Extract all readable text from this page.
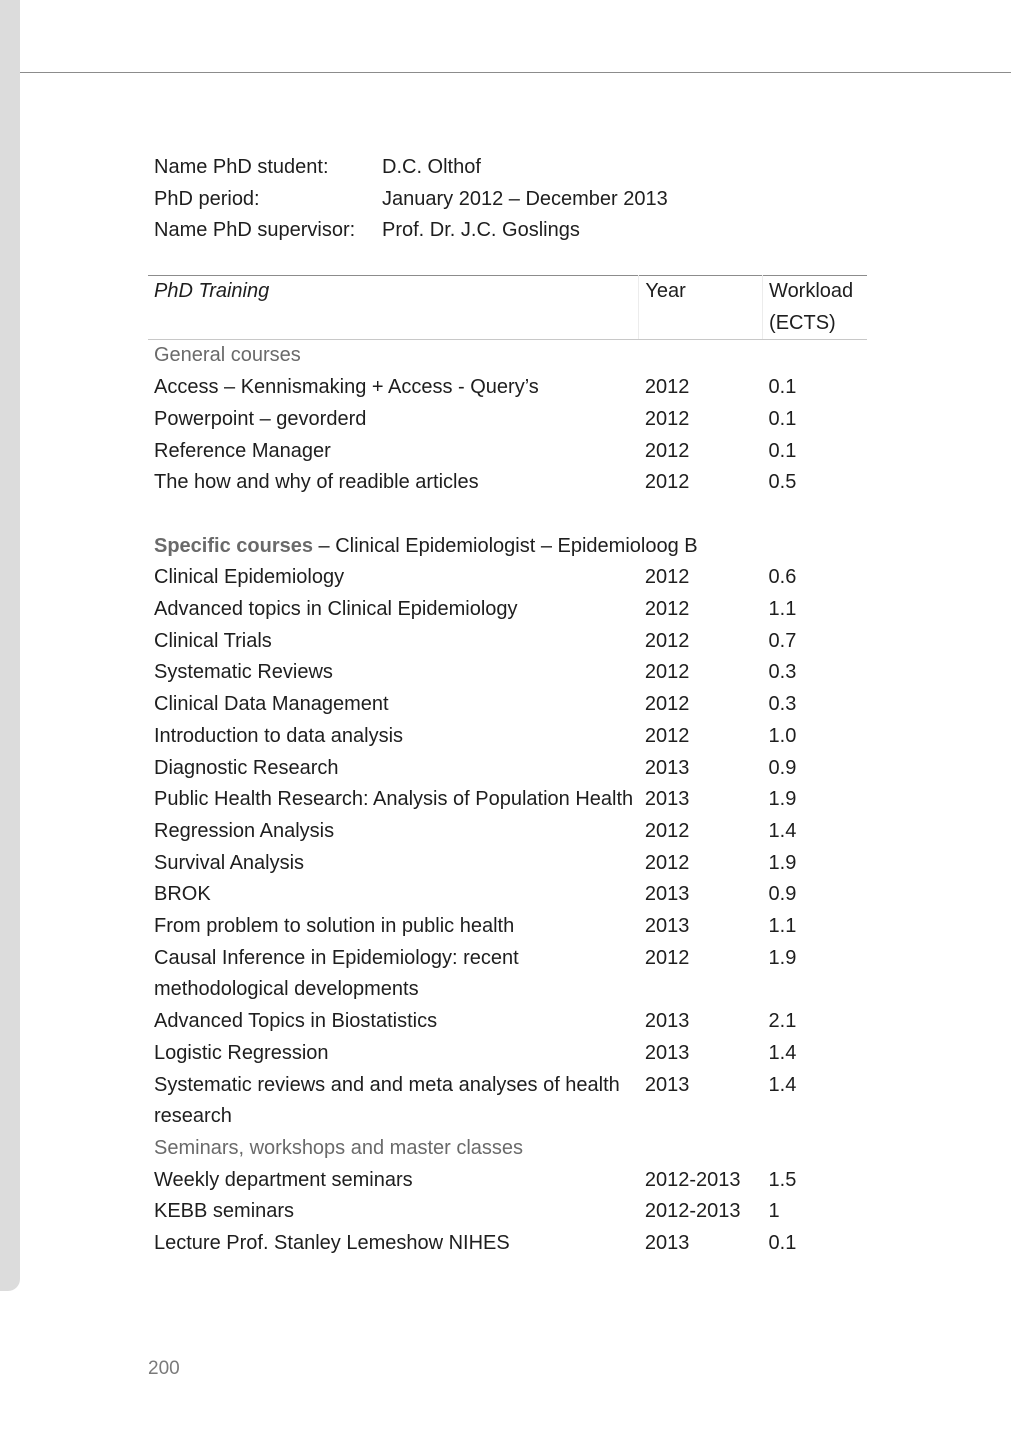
Name PhD student:	D.C. Olthof
PhD period:	January 2012 – December 2013
Name PhD supervisor:	Prof. Dr. J.C. Goslings
PhD Training	Year	Workload
(ECTS)
General courses		
Access – Kennismaking + Access - Query’s	2012	0.1
Powerpoint – gevorderd	2012	0.1
Reference Manager	2012	0.1
The how and why of readible articles	2012	0.5

Specific courses – Clinical Epidemiologist – Epidemioloog B		
Clinical Epidemiology	2012	0.6
Advanced topics in Clinical Epidemiology	2012	1.1
Clinical Trials	2012	0.7
Systematic Reviews	2012	0.3
Clinical Data Management	2012	0.3
Introduction to data analysis	2012	1.0
Diagnostic Research	2013	0.9
Public Health Research: Analysis of Population Health	2013	1.9
Regression Analysis	2012	1.4
Survival Analysis	2012	1.9
BROK	2013	0.9
From problem to solution in public health	2013	1.1
Causal Inference in Epidemiology: recent methodological developments	2012	1.9
Advanced Topics in Biostatistics	2013	2.1
Logistic Regression	2013	1.4
Systematic reviews and and meta analyses of health research	2013	1.4
Seminars, workshops and master classes		
Weekly department seminars	2012-2013	1.5
KEBB seminars	2012-2013	1
Lecture Prof. Stanley Lemeshow NIHES	2013	0.1
200
